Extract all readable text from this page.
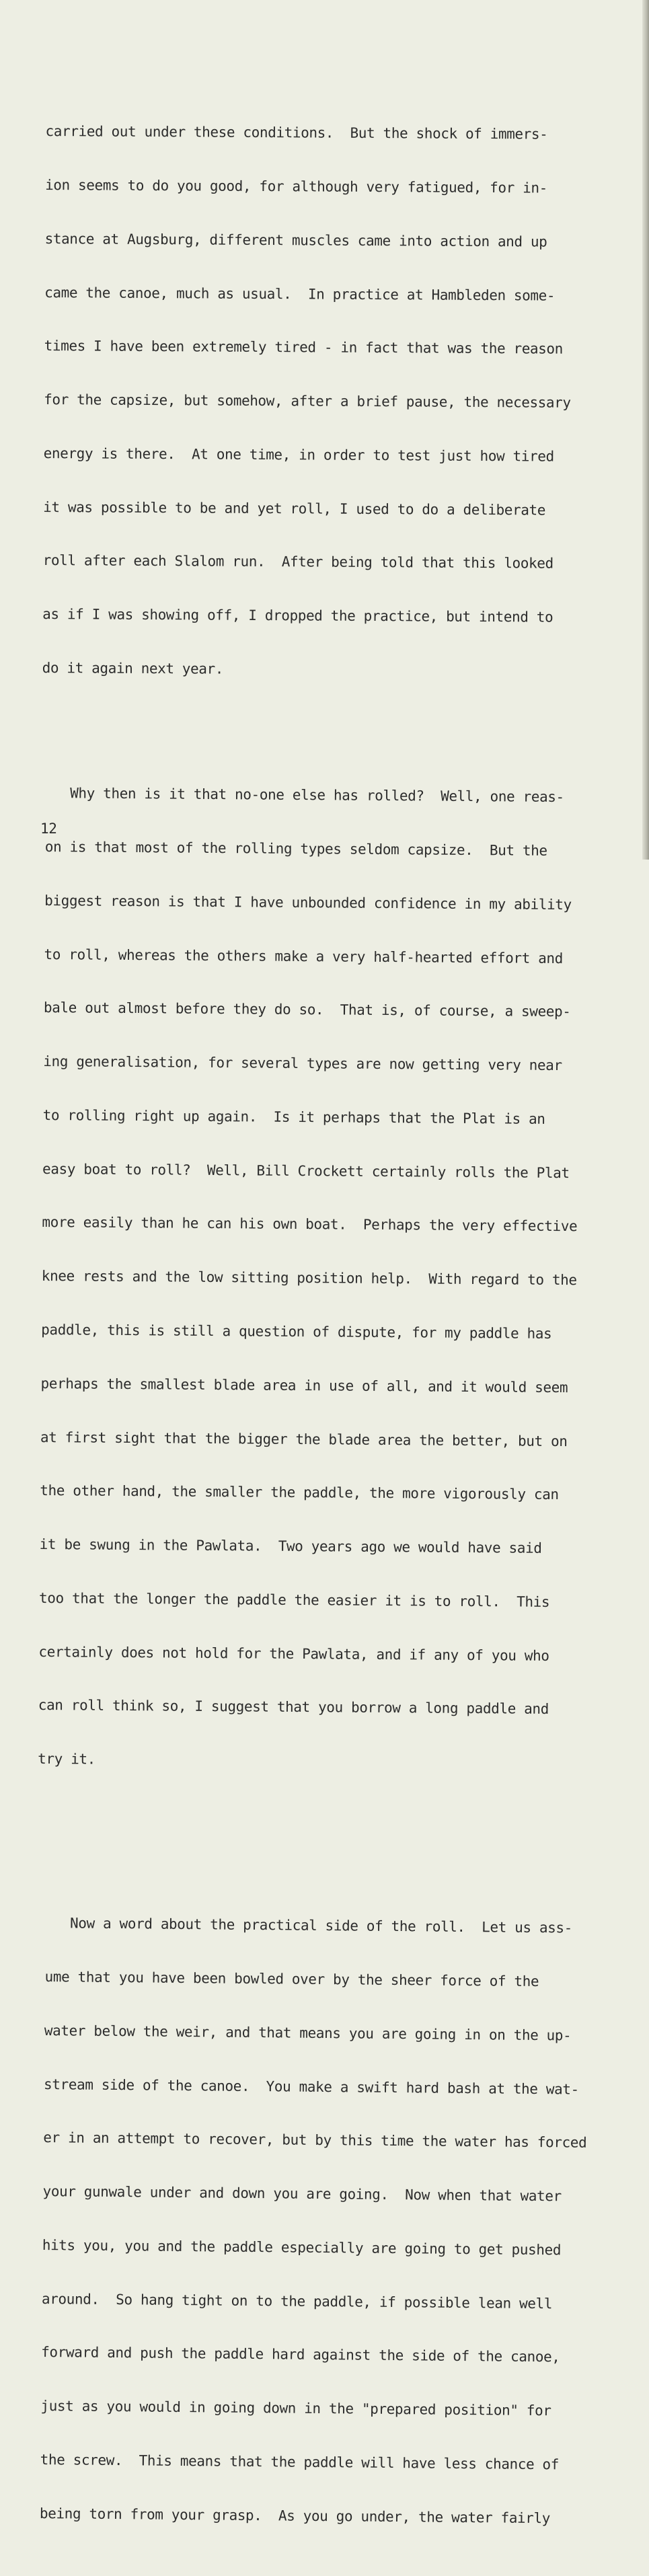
carried out under these conditions.  But the shock of immers-

ion seems to do you good, for although very fatigued, for in-

stance at Augsburg, different muscles came into action and up

came the canoe, much as usual.  In practice at Hambleden some-

times I have been extremely tired - in fact that was the reason

for the capsize, but somehow, after a brief pause, the necessary

energy is there.  At one time, in order to test just how tired

it was possible to be and yet roll, I used to do a deliberate

roll after each Slalom run.  After being told that this looked

as if I was showing off, I dropped the practice, but intend to

do it again next year.

Why then is it that no-one else has rolled?  Well, one reas-

on is that most of the rolling types seldom capsize.  But the

biggest reason is that I have unbounded confidence in my ability

to roll, whereas the others make a very half-hearted effort and

bale out almost before they do so.  That is, of course, a sweep-

ing generalisation, for several types are now getting very near

to rolling right up again.  Is it perhaps that the Plat is an

easy boat to roll?  Well, Bill Crockett certainly rolls the Plat

more easily than he can his own boat.  Perhaps the very effective

knee rests and the low sitting position help.  With regard to the

paddle, this is still a question of dispute, for my paddle has

perhaps the smallest blade area in use of all, and it would seem

at first sight that the bigger the blade area the better, but on

the other hand, the smaller the paddle, the more vigorously can

it be swung in the Pawlata.  Two years ago we would have said

too that the longer the paddle the easier it is to roll.  This

certainly does not hold for the Pawlata, and if any of you who

can roll think so, I suggest that you borrow a long paddle and

try it.

Now a word about the practical side of the roll.  Let us ass-

ume that you have been bowled over by the sheer force of the

water below the weir, and that means you are going in on the up-

stream side of the canoe.  You make a swift hard bash at the wat-

er in an attempt to recover, but by this time the water has forced

your gunwale under and down you are going.  Now when that water

hits you, you and the paddle especially are going to get pushed

around.  So hang tight on to the paddle, if possible lean well

forward and push the paddle hard against the side of the canoe,

just as you would in going down in the "prepared position" for

the screw.  This means that the paddle will have less chance of

being torn from your grasp.  As you go under, the water fairly

12
